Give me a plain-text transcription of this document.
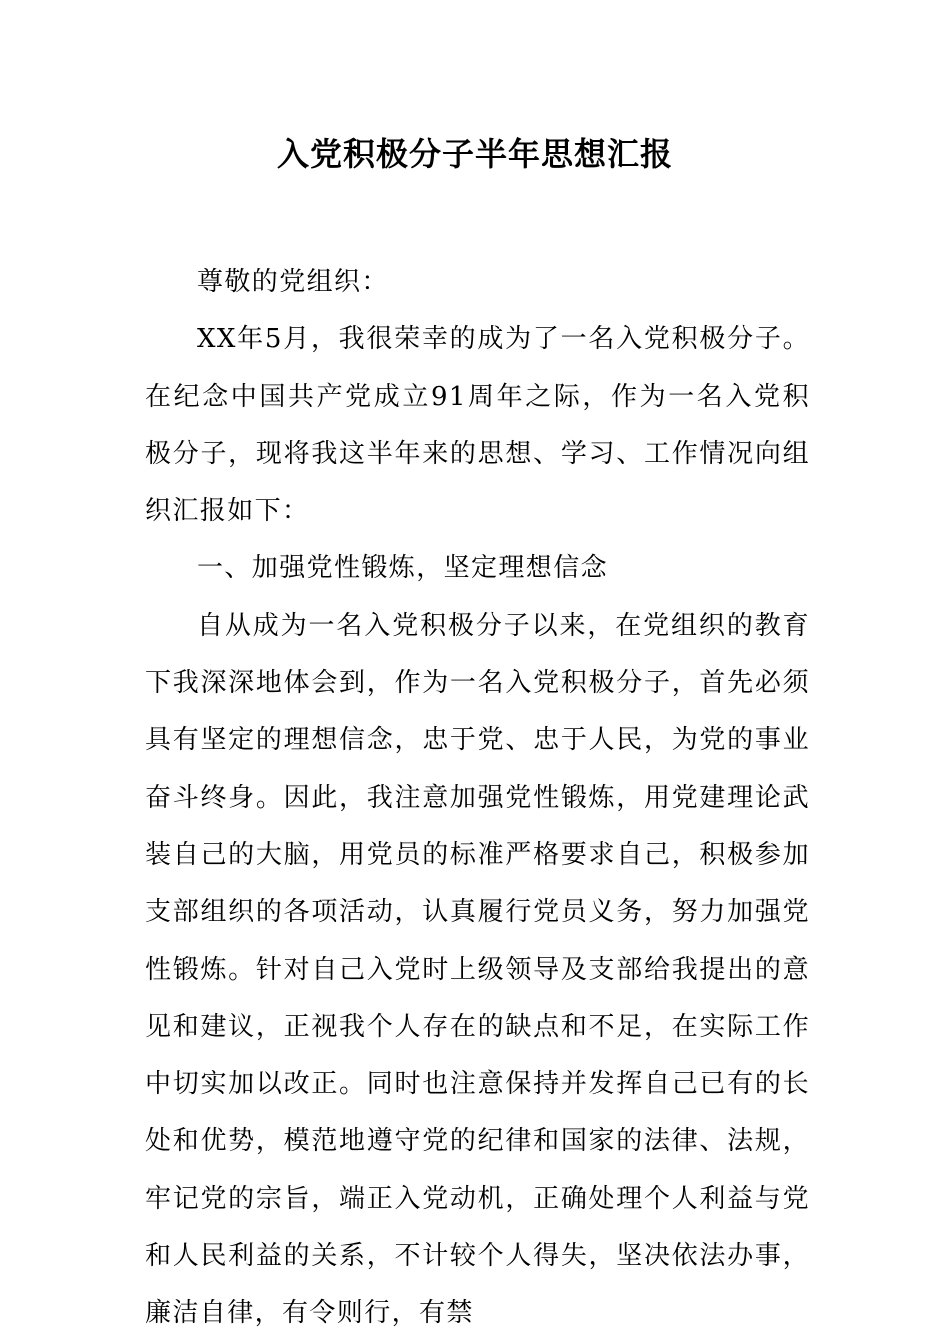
入党积极分子半年思想汇报

尊敬的党组织：

XX年5月，我很荣幸的成为了一名入党积极分子。在纪念中国共产党成立91周年之际，作为一名入党积极分子，现将我这半年来的思想、学习、工作情况向组织汇报如下：

一、加强党性锻炼，坚定理想信念

自从成为一名入党积极分子以来，在党组织的教育下我深深地体会到，作为一名入党积极分子，首先必须具有坚定的理想信念，忠于党、忠于人民，为党的事业奋斗终身。因此，我注意加强党性锻炼，用党建理论武装自己的大脑，用党员的标准严格要求自己，积极参加支部组织的各项活动，认真履行党员义务，努力加强党性锻炼。针对自己入党时上级领导及支部给我提出的意见和建议，正视我个人存在的缺点和不足，在实际工作中切实加以改正。同时也注意保持并发挥自己已有的长处和优势，模范地遵守党的纪律和国家的法律、法规，牢记党的宗旨，端正入党动机，正确处理个人利益与党和人民利益的关系，不计较个人得失，坚决依法办事，廉洁自律，有令则行，有禁
